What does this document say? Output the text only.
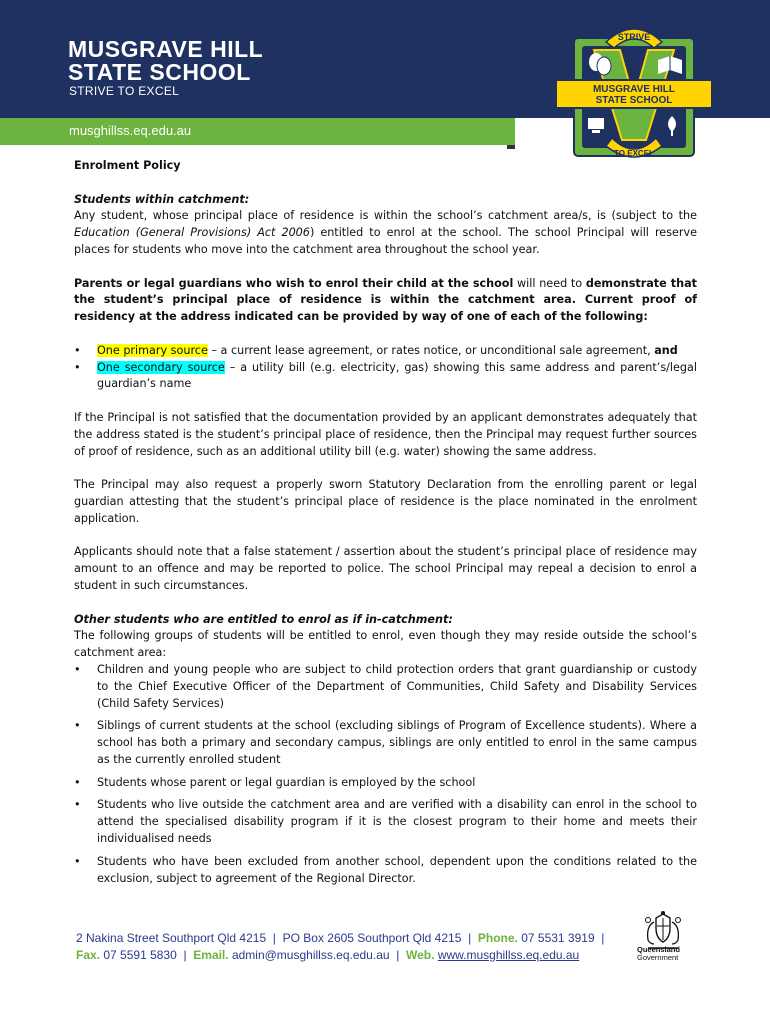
MUSGRAVE HILL
STATE SCHOOL
STRIVE TO EXCEL
musghillss.eq.edu.au
STRIVE
TO EXCEL
MUSGRAVE HILL
STATE SCHOOL

Enrolment Policy

Students within catchment:

Any student, whose principal place of residence is within the school’s catchment area/s, is (subject to the Education (General Provisions) Act 2006) entitled to enrol at the school. The school Principal will reserve places for students who move into the catchment area throughout the school year.

Parents or legal guardians who wish to enrol their child at the school will need to demonstrate that the student’s principal place of residence is within the catchment area. Current proof of residency at the address indicated can be provided by way of one of each of the following:

• One primary source – a current lease agreement, or rates notice, or unconditional sale agreement, and
• One secondary source – a utility bill (e.g. electricity, gas) showing this same address and parent’s/legal guardian’s name

If the Principal is not satisfied that the documentation provided by an applicant demonstrates adequately that the address stated is the student’s principal place of residence, then the Principal may request further sources of proof of residence, such as an additional utility bill (e.g. water) showing the same address.

The Principal may also request a properly sworn Statutory Declaration from the enrolling parent or legal guardian attesting that the student’s principal place of residence is the place nominated in the enrolment application.

Applicants should note that a false statement / assertion about the student’s principal place of residence may amount to an offence and may be reported to police. The school Principal may repeal a decision to enrol a student in such circumstances.

Other students who are entitled to enrol as if in-catchment:

The following groups of students will be entitled to enrol, even though they may reside outside the school’s catchment area:

• Children and young people who are subject to child protection orders that grant guardianship or custody to the Chief Executive Officer of the Department of Communities, Child Safety and Disability Services (Child Safety Services)
• Siblings of current students at the school (excluding siblings of Program of Excellence students). Where a school has both a primary and secondary campus, siblings are only entitled to enrol in the same campus as the currently enrolled student
• Students whose parent or legal guardian is employed by the school
• Students who live outside the catchment area and are verified with a disability can enrol in the school to attend the specialised disability program if it is the closest program to their home and meets their individualised needs
• Students who have been excluded from another school, dependent upon the conditions related to the exclusion, subject to agreement of the Regional Director.
2 Nakina Street Southport Qld 4215 | PO Box 2605 Southport Qld 4215 | Phone. 07 5531 3919 |
Fax. 07 5591 5830 | Email. admin@musghillss.eq.edu.au | Web. www.musghillss.eq.edu.au	Queensland
Government
